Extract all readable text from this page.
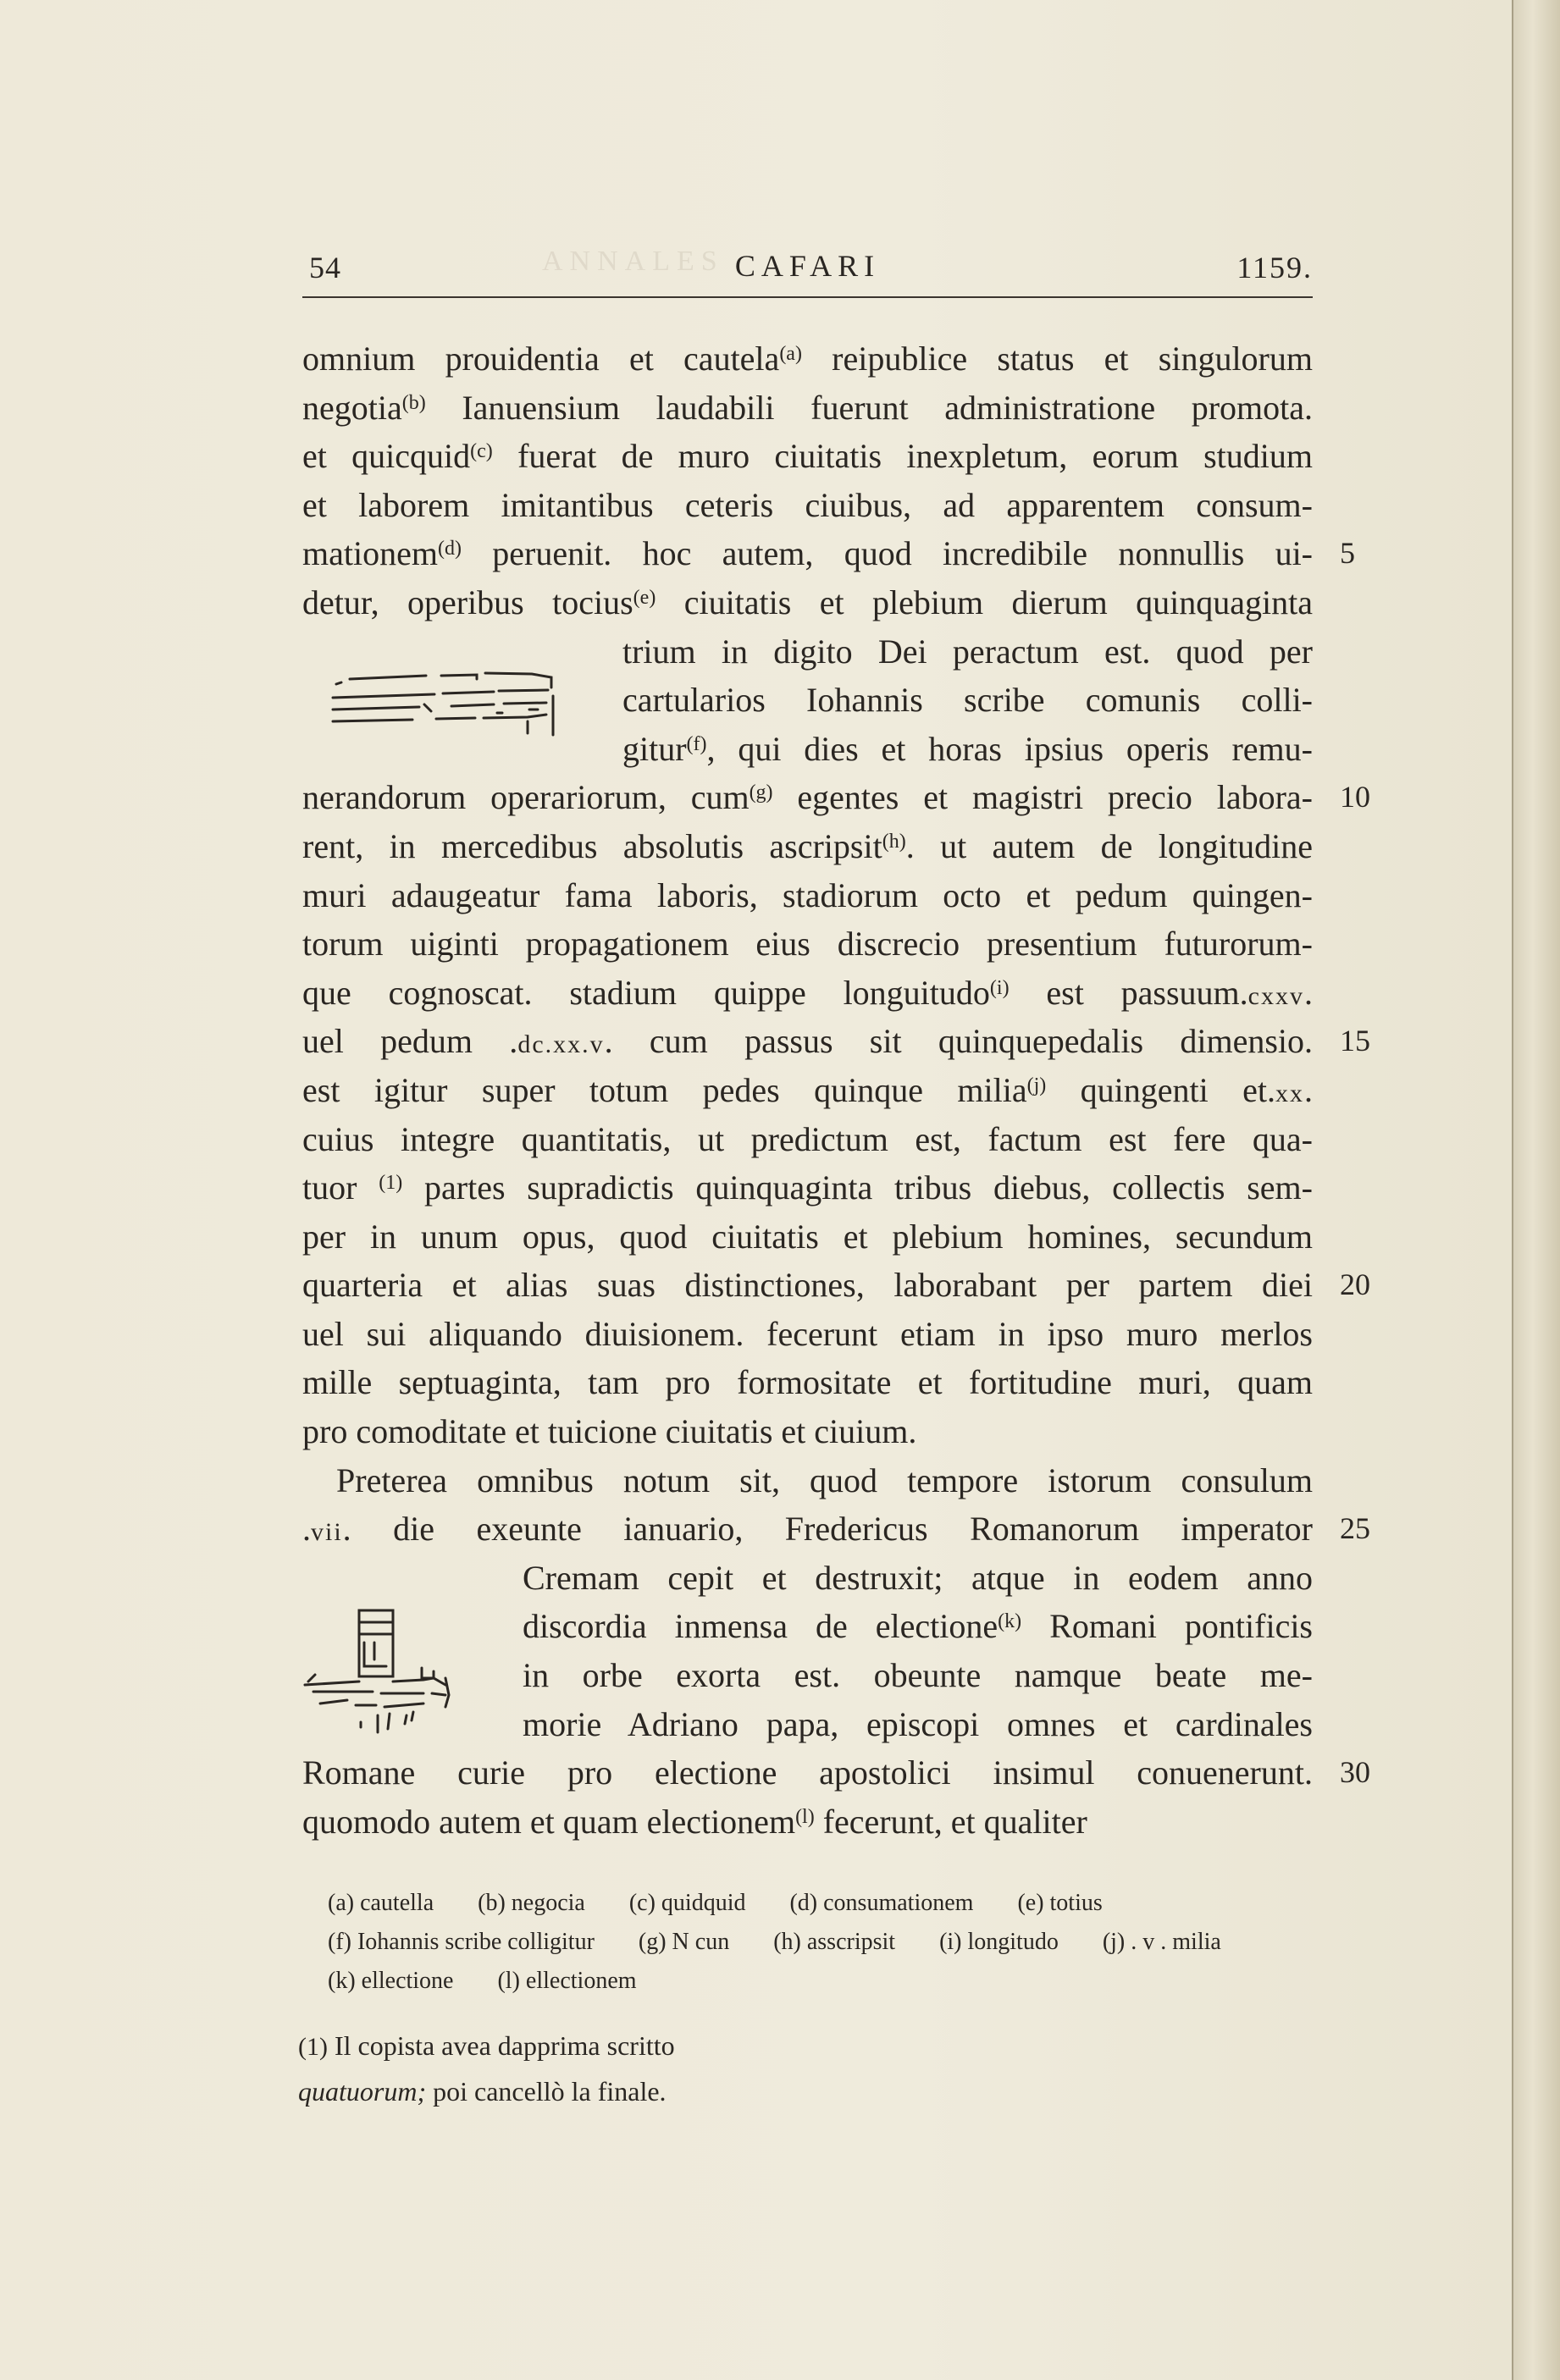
ANNALES
54	CAFARI	1159.
omnium prouidentia et cautela$^{(a)}$ reipublice status et singulorum
negotia$^{(b)}$ Ianuensium laudabili fuerunt administratione promota.
et quicquid$^{(c)}$ fuerat de muro ciuitatis inexpletum, eorum studium
et laborem imitantibus ceteris ciuibus, ad apparentem consum-
mationem$^{(d)}$ peruenit. hoc autem, quod incredibile nonnullis ui- 5
detur, operibus tocius$^{(e)}$ ciuitatis et plebium dierum quinquaginta
trium in digito Dei peractum est. quod per
cartularios Iohannis scribe comunis colli-
gitur$^{(f)}$, qui dies et horas ipsius operis remu-
nerandorum operariorum, cum$^{(g)}$ egentes et magistri precio labora- 10
rent, in mercedibus absolutis ascripsit$^{(h)}$. ut autem de longitudine
muri adaugeatur fama laboris, stadiorum octo et pedum quingen-
torum uiginti propagationem eius discrecio presentium futurorum-
que cognoscat. stadium quippe longuitudo$^{(i)}$ est passuum.cxxv.
uel pedum .dc.xx.v. cum passus sit quinquepedalis dimensio. 15
est igitur super totum pedes quinque milia$^{(j)}$ quingenti et.xx.
cuius integre quantitatis, ut predictum est, factum est fere qua-
tuor $^{(1)}$ partes supradictis quinquaginta tribus diebus, collectis sem-
per in unum opus, quod ciuitatis et plebium homines, secundum
quarteria et alias suas distinctiones, laborabant per partem diei 20
uel sui aliquando diuisionem. fecerunt etiam in ipso muro merlos
mille septuaginta, tam pro formositate et fortitudine muri, quam
pro comoditate et tuicione ciuitatis et ciuium.
Preterea omnibus notum sit, quod tempore istorum consulum
.vii. die exeunte ianuario, Fredericus Romanorum imperator 25
Cremam cepit et destruxit; atque in eodem anno
discordia inmensa de electione$^{(k)}$ Romani pontificis
in orbe exorta est. obeunte namque beate me-
morie Adriano papa, episcopi omnes et cardinales
Romane curie pro electione apostolici insimul conuenerunt. 30
quomodo autem et quam electionem$^{(l)}$ fecerunt, et qualiter
(a) cautella (b) negocia (c) quidquid (d) consumationem (e) totius
(f) Iohannis scribe colligitur (g) N cun (h) asscripsit (i) longitudo (j) . v . milia
(k) ellectione (l) ellectionem
(1) Il copista avea dapprima scritto
quatuorum; poi cancellò la finale.
